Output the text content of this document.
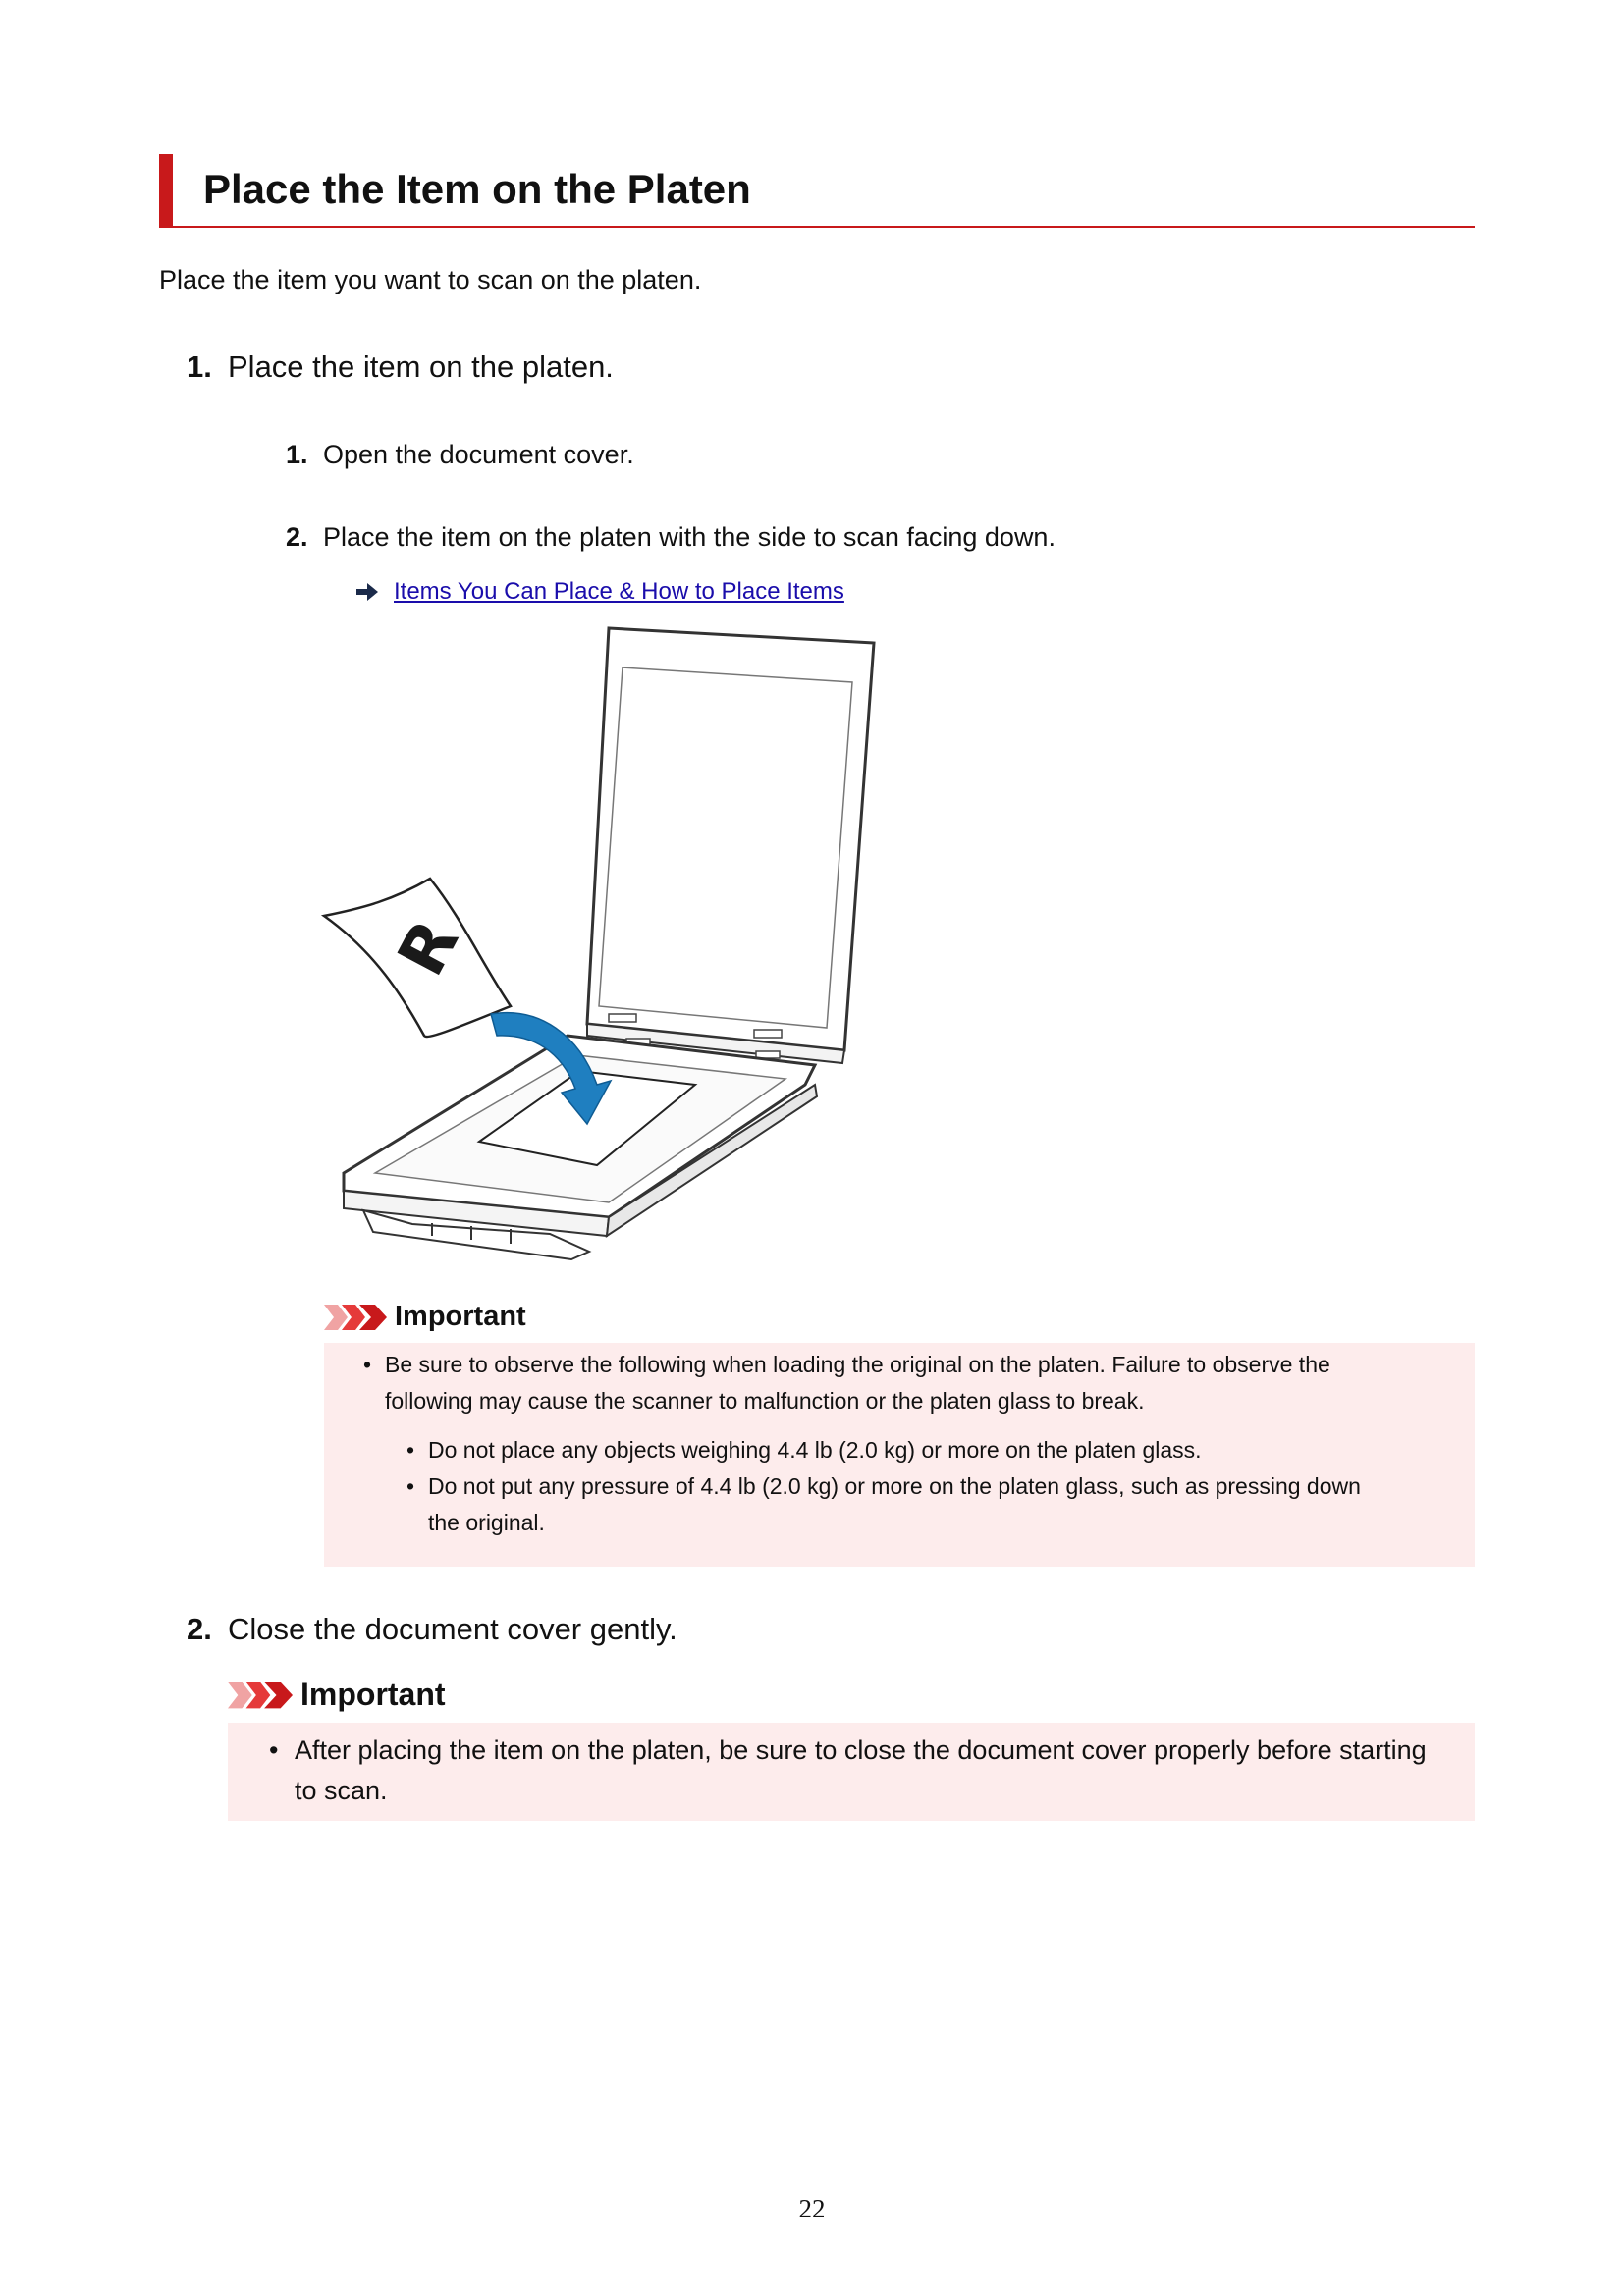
Place the Item on the Platen
Place the item you want to scan on the platen.
1. Place the item on the platen.
1. Open the document cover.
2. Place the item on the platen with the side to scan facing down.
Items You Can Place & How to Place Items
R
Important
• Be sure to observe the following when loading the original on the platen. Failure to observe the
following may cause the scanner to malfunction or the platen glass to break.
• Do not place any objects weighing 4.4 lb (2.0 kg) or more on the platen glass.
• Do not put any pressure of 4.4 lb (2.0 kg) or more on the platen glass, such as pressing down
the original.
2. Close the document cover gently.
Important
• After placing the item on the platen, be sure to close the document cover properly before starting
to scan.
22
